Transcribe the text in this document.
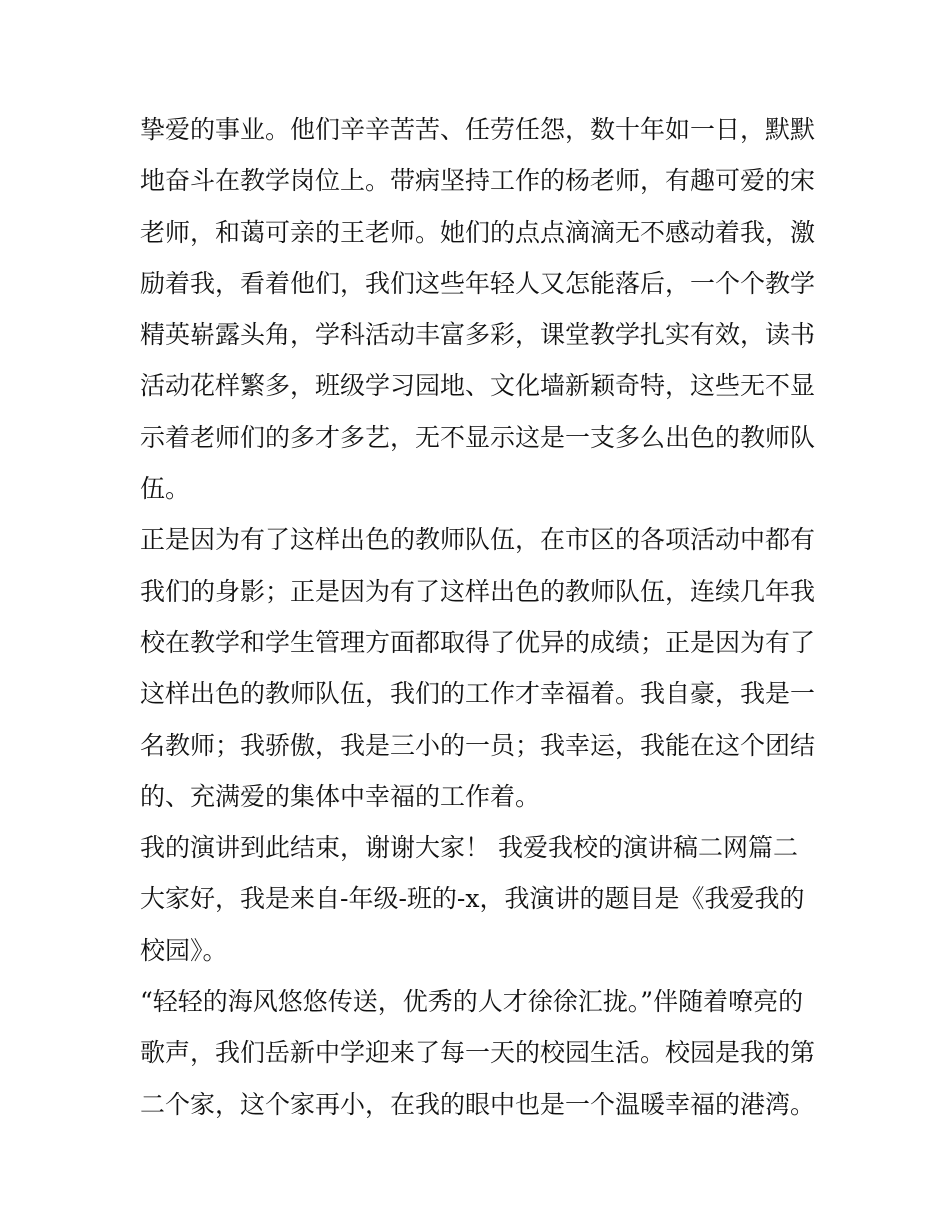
挚爱的事业。他们辛辛苦苦、任劳任怨，数十年如一日，默默
地奋斗在教学岗位上。带病坚持工作的杨老师，有趣可爱的宋
老师，和蔼可亲的王老师。她们的点点滴滴无不感动着我，激
励着我，看着他们，我们这些年轻人又怎能落后，一个个教学
精英崭露头角，学科活动丰富多彩，课堂教学扎实有效，读书
活动花样繁多，班级学习园地、文化墙新颖奇特，这些无不显
示着老师们的多才多艺，无不显示这是一支多么出色的教师队
伍。
正是因为有了这样出色的教师队伍，在市区的各项活动中都有
我们的身影；正是因为有了这样出色的教师队伍，连续几年我
校在教学和学生管理方面都取得了优异的成绩；正是因为有了
这样出色的教师队伍，我们的工作才幸福着。我自豪，我是一
名教师；我骄傲，我是三小的一员；我幸运，我能在这个团结
的、充满爱的集体中幸福的工作着。
我的演讲到此结束，谢谢大家！ 我爱我校的演讲稿二网篇二
大家好，我是来自-年级-班的-x，我演讲的题目是《我爱我的
校园》。
“轻轻的海风悠悠传送，优秀的人才徐徐汇拢。”伴随着嘹亮的
歌声，我们岳新中学迎来了每一天的校园生活。校园是我的第
二个家，这个家再小，在我的眼中也是一个温暖幸福的港湾。
